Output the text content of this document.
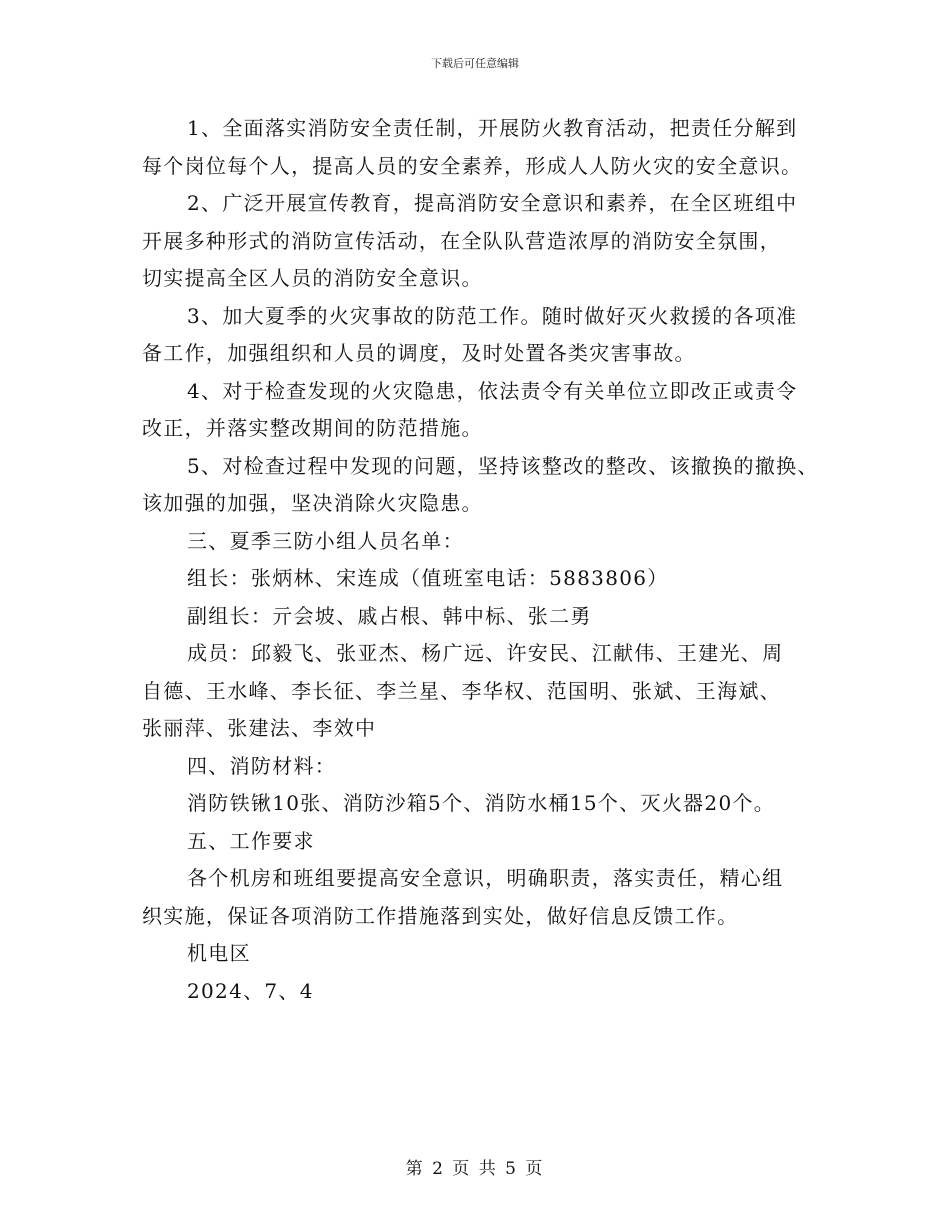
下载后可任意编辑
1、全面落实消防安全责任制，开展防火教育活动，把责任分解到
每个岗位每个人，提高人员的安全素养，形成人人防火灾的安全意识。
2、广泛开展宣传教育，提高消防安全意识和素养，在全区班组中
开展多种形式的消防宣传活动，在全队队营造浓厚的消防安全氛围，
切实提高全区人员的消防安全意识。
3、加大夏季的火灾事故的防范工作。随时做好灭火救援的各项准
备工作，加强组织和人员的调度，及时处置各类灾害事故。
4、对于检查发现的火灾隐患，依法责令有关单位立即改正或责令
改正，并落实整改期间的防范措施。
5、对检查过程中发现的问题，坚持该整改的整改、该撤换的撤换、
该加强的加强，坚决消除火灾隐患。
三、夏季三防小组人员名单：
组长：张炳林、宋连成（值班室电话：5883806）
副组长：亓会坡、戚占根、韩中标、张二勇
成员：邱毅飞、张亚杰、杨广远、许安民、江献伟、王建光、周
自德、王水峰、李长征、李兰星、李华权、范国明、张斌、王海斌、
张丽萍、张建法、李效中
四、消防材料：
消防铁锹10张、消防沙箱5个、消防水桶15个、灭火器20个。
五、工作要求
各个机房和班组要提高安全意识，明确职责，落实责任，精心组
织实施，保证各项消防工作措施落到实处，做好信息反馈工作。
机电区
2024、7、4
第 2 页 共 5 页
